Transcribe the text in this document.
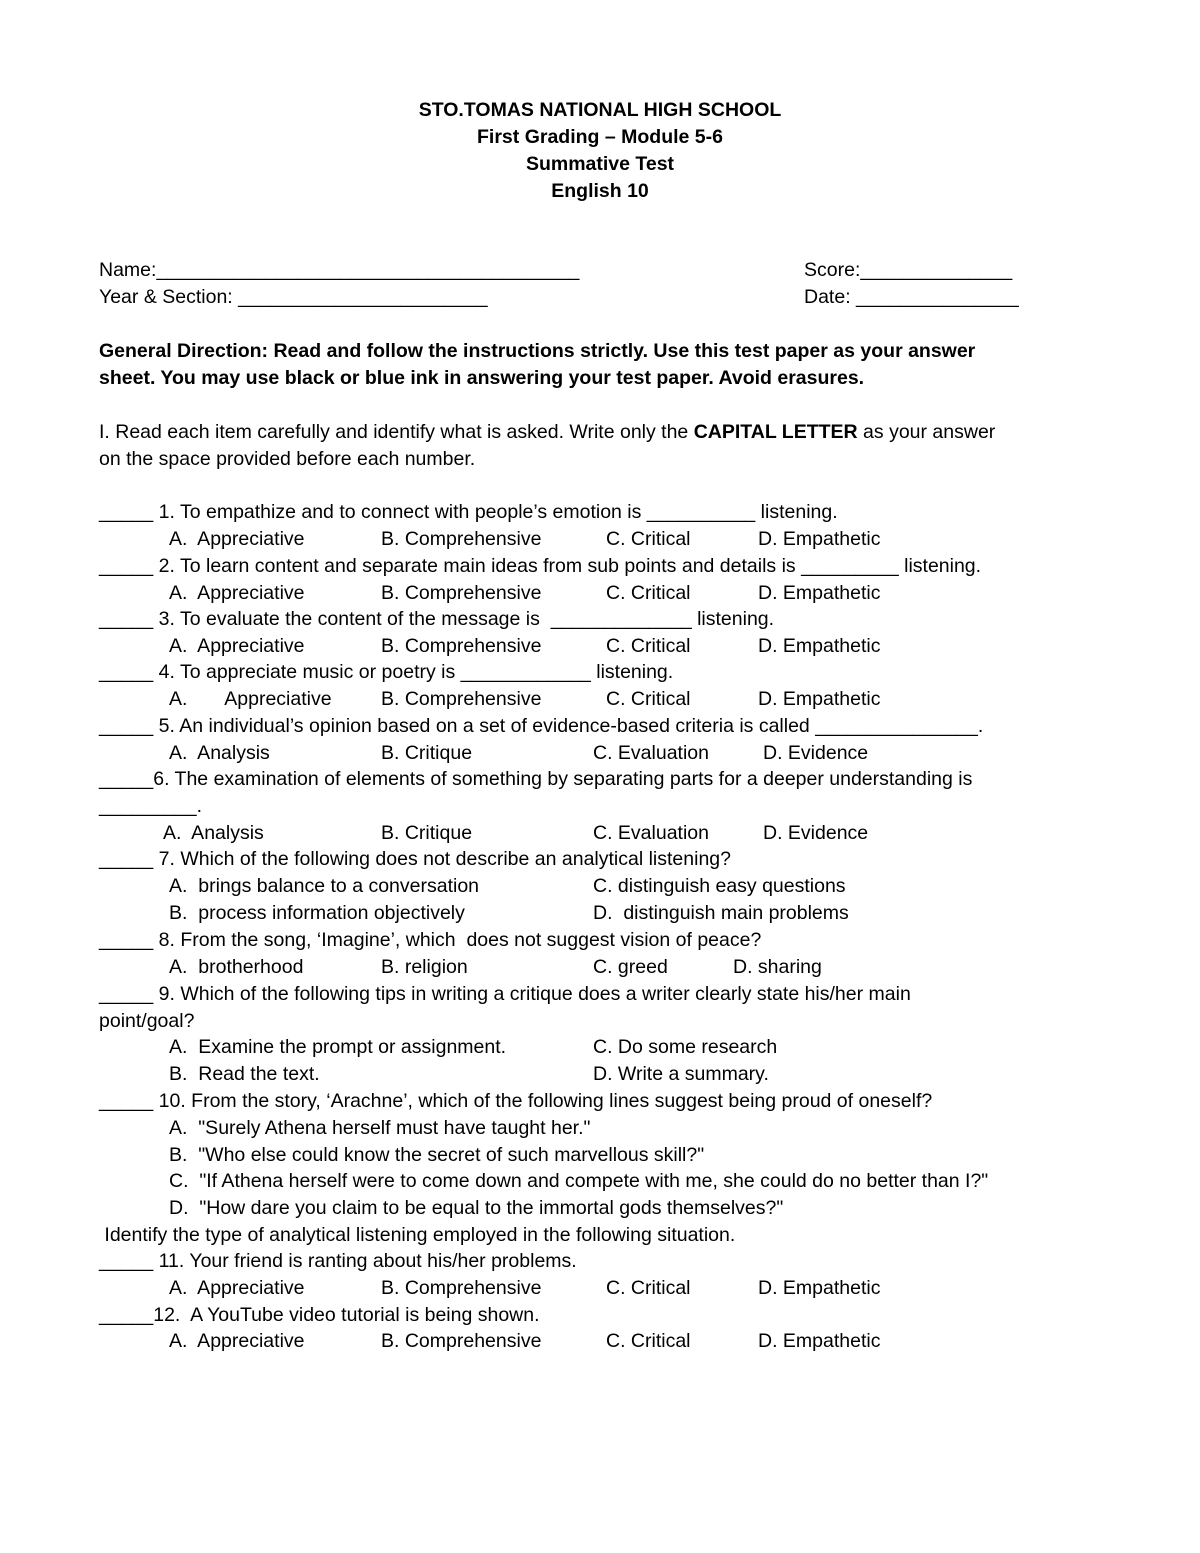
STO.TOMAS NATIONAL HIGH SCHOOL
First Grading – Module 5-6
Summative Test
English 10
Name:_______________________________________	Score:______________
Year & Section: _______________________	Date: _______________
General Direction: Read and follow the instructions strictly. Use this test paper as your answer
sheet. You may use black or blue ink in answering your test paper. Avoid erasures.
I. Read each item carefully and identify what is asked. Write only the CAPITAL LETTER as your answer
on the space provided before each number.
_____ 1. To empathize and to connect with people’s emotion is __________ listening.
A.  Appreciative	B. Comprehensive	C. Critical	D. Empathetic
_____ 2. To learn content and separate main ideas from sub points and details is _________ listening.
A.  Appreciative	B. Comprehensive	C. Critical	D. Empathetic
_____ 3. To evaluate the content of the message is  _____________ listening.
A.  Appreciative	B. Comprehensive	C. Critical	D. Empathetic
_____ 4. To appreciate music or poetry is ____________ listening.
A.       Appreciative	B. Comprehensive	C. Critical	D. Empathetic
_____ 5. An individual’s opinion based on a set of evidence-based criteria is called _______________.
A.  Analysis	B. Critique	C. Evaluation	D. Evidence
_____6. The examination of elements of something by separating parts for a deeper understanding is
_________.
A.  Analysis	B. Critique	C. Evaluation	D. Evidence
_____ 7. Which of the following does not describe an analytical listening?
A.  brings balance to a conversation	C. distinguish easy questions
B.  process information objectively	D.  distinguish main problems
_____ 8. From the song, ‘Imagine’, which  does not suggest vision of peace?
A.  brotherhood	B. religion	C. greed	D. sharing
_____ 9. Which of the following tips in writing a critique does a writer clearly state his/her main
point/goal?
A.  Examine the prompt or assignment.	C. Do some research
B.  Read the text.	D. Write a summary.
_____ 10. From the story, ‘Arachne’, which of the following lines suggest being proud of oneself?
A.  "Surely Athena herself must have taught her."
B.  "Who else could know the secret of such marvellous skill?"
C.  "If Athena herself were to come down and compete with me, she could do no better than I?"
D.  "How dare you claim to be equal to the immortal gods themselves?"
Identify the type of analytical listening employed in the following situation.
_____ 11. Your friend is ranting about his/her problems.
A.  Appreciative	B. Comprehensive	C. Critical	D. Empathetic
_____12.  A YouTube video tutorial is being shown.
A.  Appreciative	B. Comprehensive	C. Critical	D. Empathetic
